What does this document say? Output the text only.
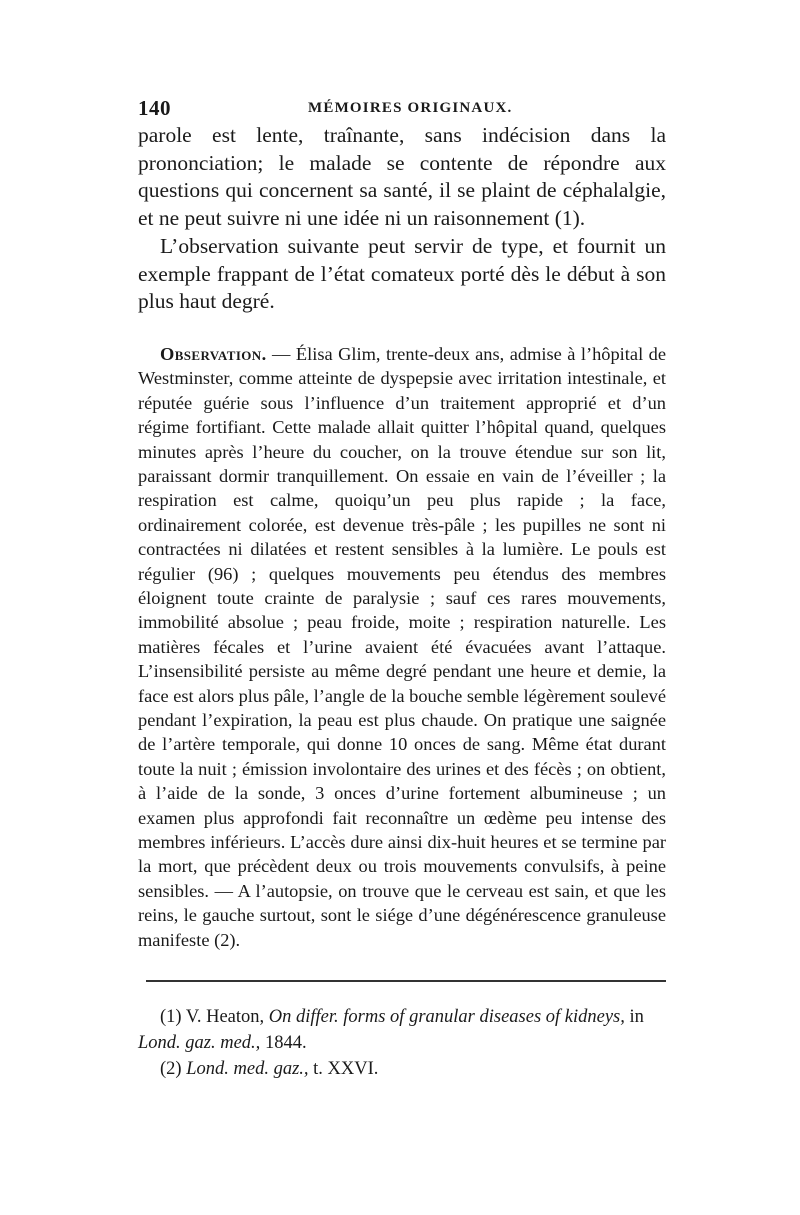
140	MÉMOIRES ORIGINAUX.
parole est lente, traînante, sans indécision dans la prononciation; le malade se contente de répondre aux questions qui concernent sa santé, il se plaint de céphalalgie, et ne peut suivre ni une idée ni un raisonnement (1).
L’observation suivante peut servir de type, et fournit un exemple frappant de l’état comateux porté dès le début à son plus haut degré.

Observation. — Élisa Glim, trente-deux ans, admise à l’hôpital de Westminster, comme atteinte de dyspepsie avec irritation intestinale, et réputée guérie sous l’influence d’un traitement approprié et d’un régime fortifiant. Cette malade allait quitter l’hôpital quand, quelques minutes après l’heure du coucher, on la trouve étendue sur son lit, paraissant dormir tranquillement. On essaie en vain de l’éveiller ; la respiration est calme, quoiqu’un peu plus rapide ; la face, ordinairement colorée, est devenue très-pâle ; les pupilles ne sont ni contractées ni dilatées et restent sensibles à la lumière. Le pouls est régulier (96) ; quelques mouvements peu étendus des membres éloignent toute crainte de paralysie ; sauf ces rares mouvements, immobilité absolue ; peau froide, moite ; respiration naturelle. Les matières fécales et l’urine avaient été évacuées avant l’attaque. L’insensibilité persiste au même degré pendant une heure et demie, la face est alors plus pâle, l’angle de la bouche semble légèrement soulevé pendant l’expiration, la peau est plus chaude. On pratique une saignée de l’artère temporale, qui donne 10 onces de sang. Même état durant toute la nuit ; émission involontaire des urines et des fécès ; on obtient, à l’aide de la sonde, 3 onces d’urine fortement albumineuse ; un examen plus approfondi fait reconnaître un œdème peu intense des membres inférieurs. L’accès dure ainsi dix-huit heures et se termine par la mort, que précèdent deux ou trois mouvements convulsifs, à peine sensibles. — A l’autopsie, on trouve que le cerveau est sain, et que les reins, le gauche surtout, sont le siége d’une dégénérescence granuleuse manifeste (2).

(1) V. Heaton, On differ. forms of granular diseases of kidneys, in Lond. gaz. med., 1844.

(2) Lond. med. gaz., t. XXVI.
